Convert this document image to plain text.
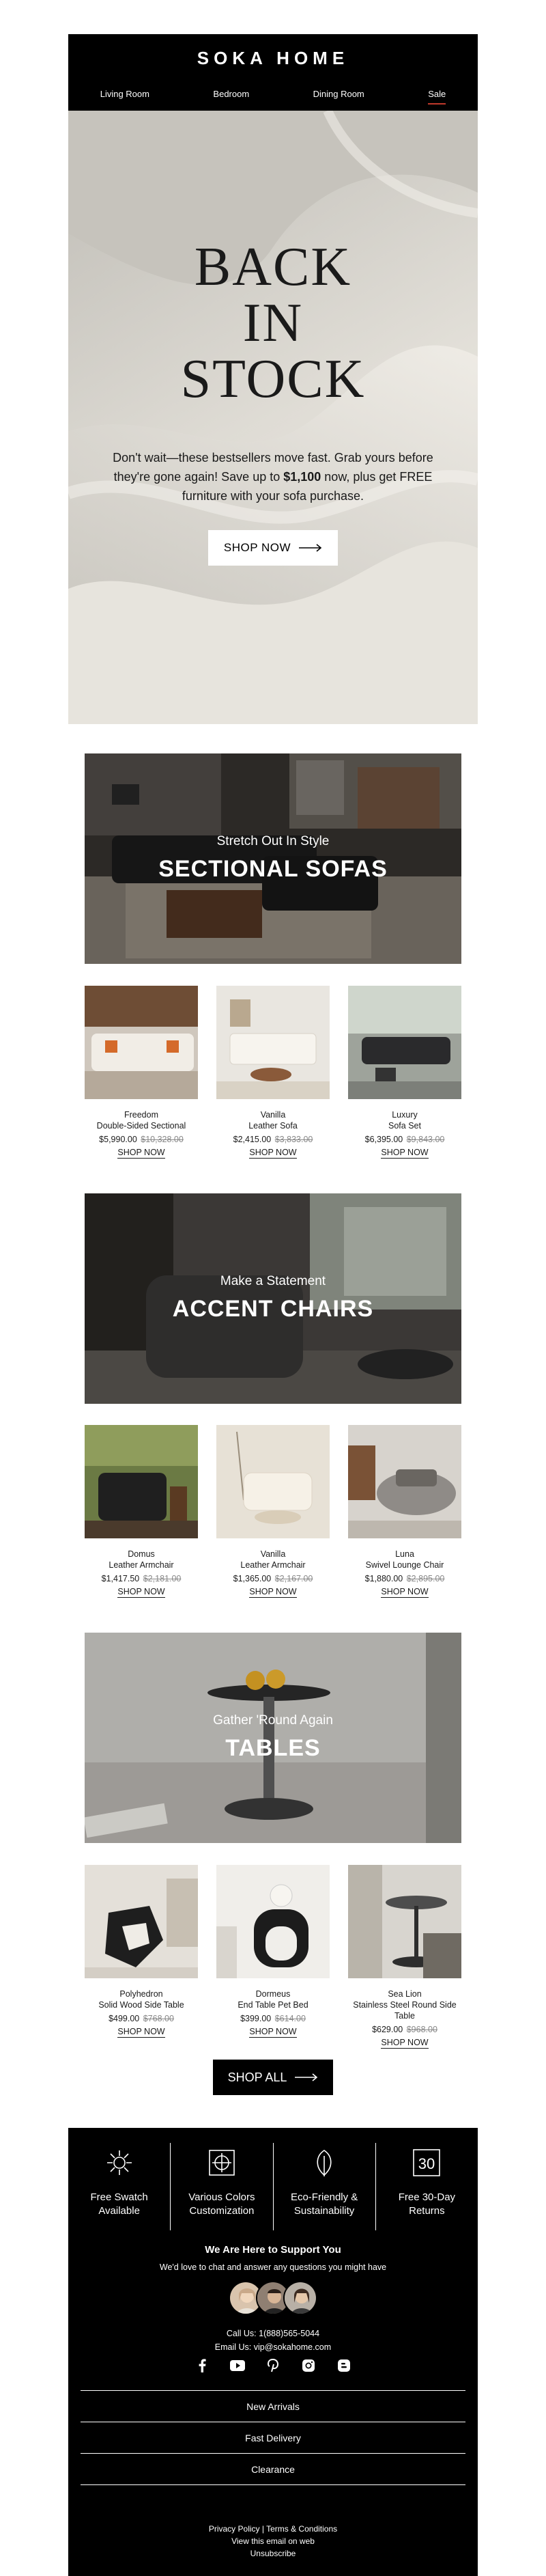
SOKA HOME
Living Room	Bedroom	Dining Room	Sale
BACK
IN
STOCK
Don't wait—these bestsellers move fast. Grab yours before they're gone again! Save up to $1,100 now, plus get FREE furniture with your sofa purchase.
SHOP NOW
Stretch Out In Style
SECTIONAL SOFAS
Freedom
Double-Sided Sectional
$5,990.00 $10,328.00
SHOP NOW
Vanilla
Leather Sofa
$2,415.00 $3,833.00
SHOP NOW
Luxury
Sofa Set
$6,395.00 $9,843.00
SHOP NOW
Make a Statement
ACCENT CHAIRS
Domus
Leather Armchair
$1,417.50 $2,181.00
SHOP NOW
Vanilla
Leather Armchair
$1,365.00 $2,167.00
SHOP NOW
Luna
Swivel Lounge Chair
$1,880.00 $2,895.00
SHOP NOW
Gather 'Round Again
TABLES
Polyhedron
Solid Wood Side Table
$499.00 $768.00
SHOP NOW
Dormeus
End Table Pet Bed
$399.00 $614.00
SHOP NOW
Sea Lion
Stainless Steel Round Side Table
$629.00 $968.00
SHOP NOW
SHOP ALL
Free Swatch
Available
Various Colors
Customization
Eco-Friendly &
Sustainability
30
Free 30-Day
Returns
We Are Here to Support You
We'd love to chat and answer any questions you might have
Call Us: 1(888)565-5044
Email Us: vip@sokahome.com
New Arrivals
Fast Delivery
Clearance
Privacy Policy | Terms & Conditions
View this email on web
Unsubscribe
